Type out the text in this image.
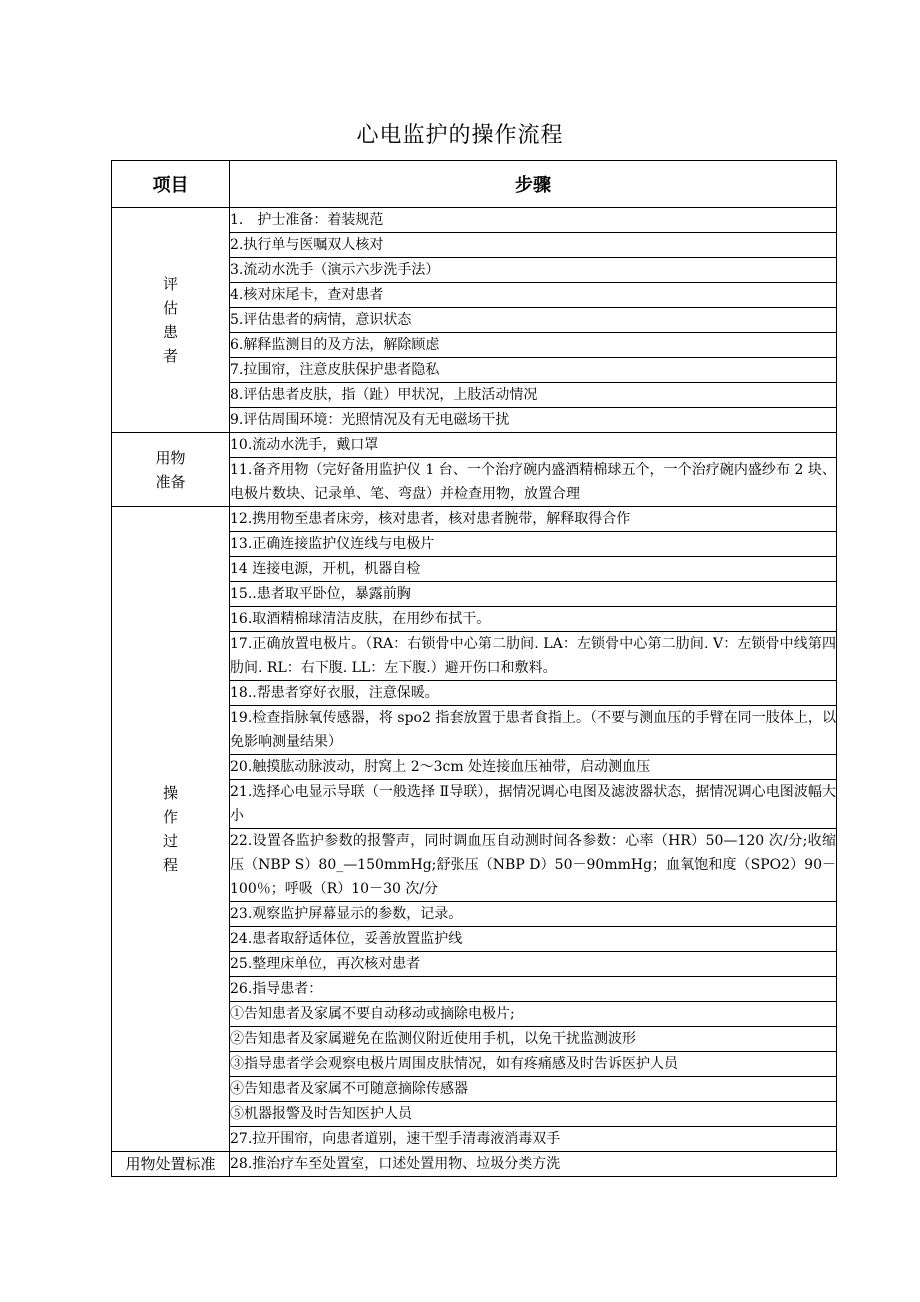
心电监护的操作流程
项目	步骤

评
估
患
者	1． 护士准备：着装规范
	2.执行单与医嘱双人核对
	3.流动水洗手（演示六步洗手法）
	4.核对床尾卡，查对患者
	5.评估患者的病情，意识状态
	6.解释监测目的及方法，解除顾虑
	7.拉围帘，注意皮肤保护患者隐私
	8.评估患者皮肤，指（趾）甲状况，上肢活动情况
	9.评估周围环境：光照情况及有无电磁场干扰

用物
准备	10.流动水洗手，戴口罩
	11.备齐用物（完好备用监护仪 1 台、一个治疗碗内盛酒精棉球五个，一个治疗碗内盛纱布 2 块、电极片数块、记录单、笔、弯盘）并检查用物，放置合理

操
作
过
程	12.携用物至患者床旁，核对患者，核对患者腕带，解释取得合作
	13.正确连接监护仪连线与电极片
	14 连接电源，开机，机器自检
	15..患者取平卧位，暴露前胸
	16.取酒精棉球清洁皮肤，在用纱布拭干。
	17.正确放置电极片。（RA：右锁骨中心第二肋间. LA：左锁骨中心第二肋间. V：左锁骨中线第四肋间. RL：右下腹. LL：左下腹.）避开伤口和敷料。
	18..帮患者穿好衣服，注意保暖。
	19.检查指脉氧传感器，将 spo2 指套放置于患者食指上。（不要与测血压的手臂在同一肢体上，以免影响测量结果）
	20.触摸肱动脉波动，肘窝上 2～3cm 处连接血压袖带，启动测血压
	21.选择心电显示导联（一般选择 Ⅱ导联），据情况调心电图及滤波器状态，据情况调心电图波幅大小
	22.设置各监护参数的报警声，同时调血压自动测时间各参数：心率（HR）50—120 次/分;收缩压（NBP S）80_—150mmHg;舒张压（NBP D）50－90mmHg；血氧饱和度（SPO2）90－100％；呼吸（R）10－30 次/分
	23.观察监护屏幕显示的参数，记录。
	24.患者取舒适体位，妥善放置监护线
	25.整理床单位，再次核对患者
	26.指导患者：
	①告知患者及家属不要自动移动或摘除电极片;
	②告知患者及家属避免在监测仪附近使用手机，以免干扰监测波形
	③指导患者学会观察电极片周围皮肤情况，如有疼痛感及时告诉医护人员
	④告知患者及家属不可随意摘除传感器
	⑤机器报警及时告知医护人员
	27.拉开围帘，向患者道别，速干型手清毒液消毒双手
用物处置标准	28.推治疗车至处置室，口述处置用物、垃圾分类方洗
